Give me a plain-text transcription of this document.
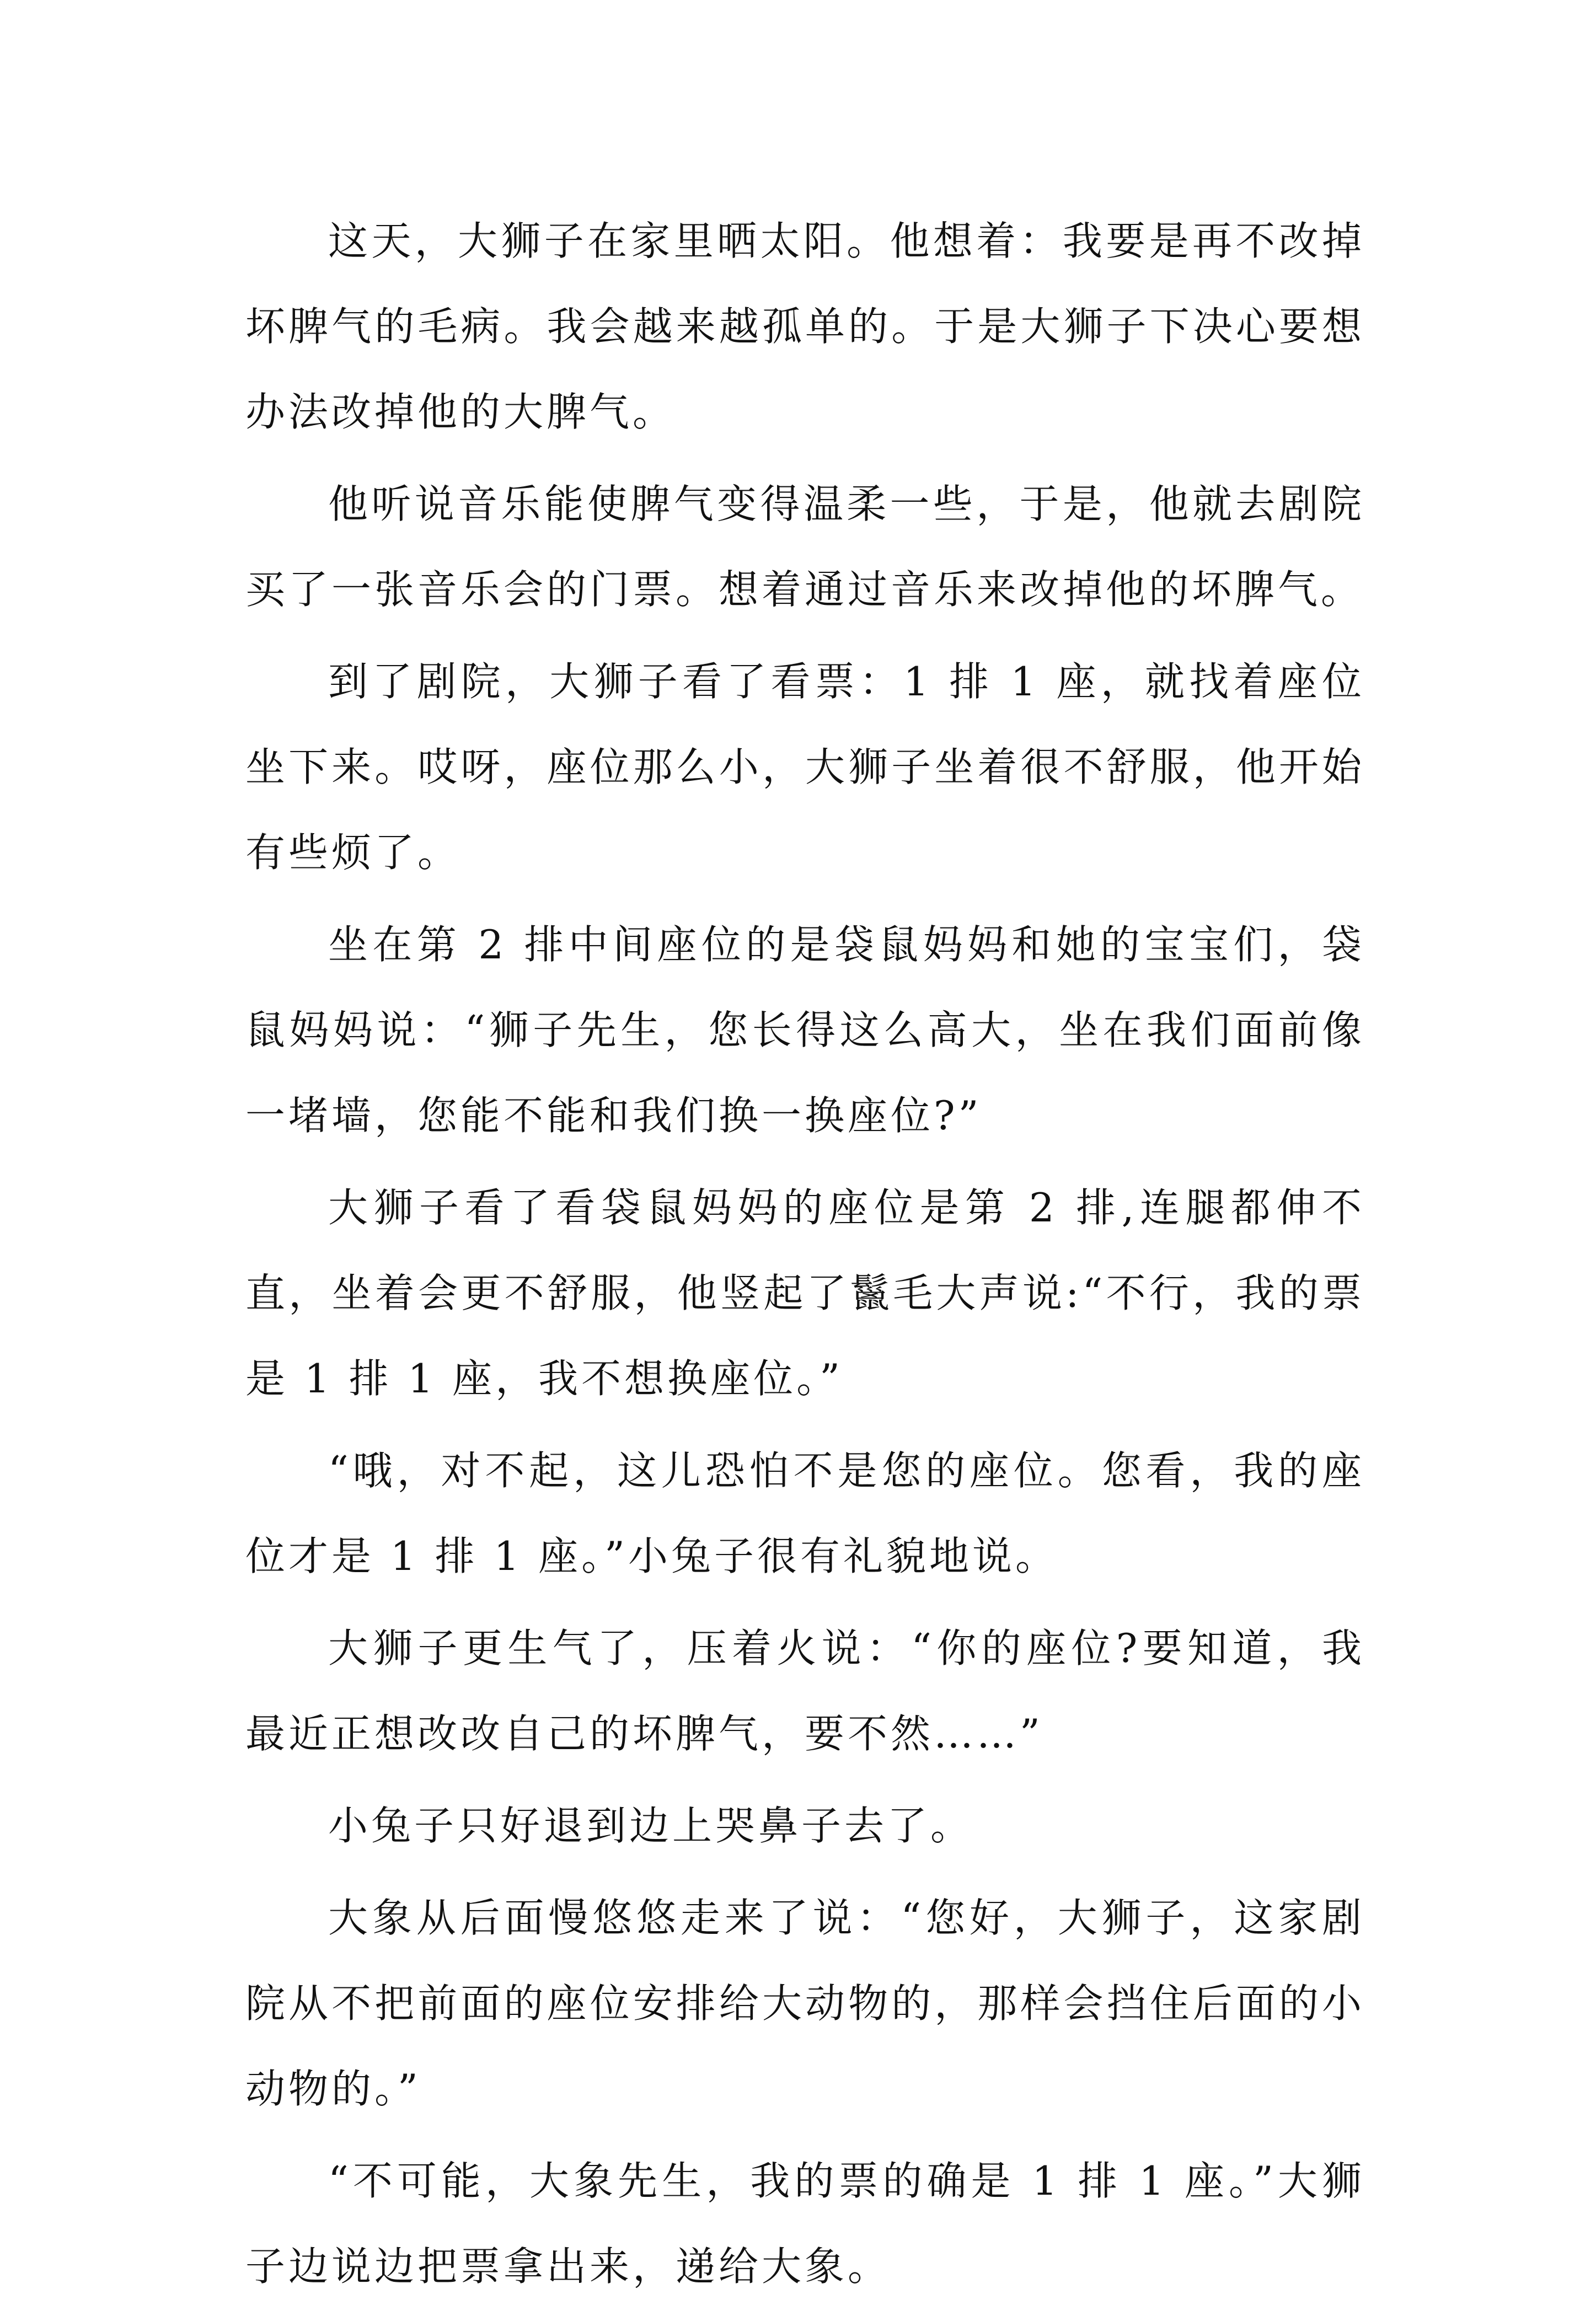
这天，大狮子在家里晒太阳。他想着：我要是再不改掉坏脾气的毛病。我会越来越孤单的。于是大狮子下决心要想办法改掉他的大脾气。

他听说音乐能使脾气变得温柔一些，于是，他就去剧院买了一张音乐会的门票。想着通过音乐来改掉他的坏脾气。

到了剧院，大狮子看了看票：1 排 1 座，就找着座位坐下来。哎呀，座位那么小，大狮子坐着很不舒服，他开始有些烦了。

坐在第 2 排中间座位的是袋鼠妈妈和她的宝宝们，袋鼠妈妈说：“狮子先生，您长得这么高大，坐在我们面前像一堵墙，您能不能和我们换一换座位?”

大狮子看了看袋鼠妈妈的座位是第 2 排,连腿都伸不直，坐着会更不舒服，他竖起了鬣毛大声说:“不行，我的票是 1 排 1 座，我不想换座位。”

“哦，对不起，这儿恐怕不是您的座位。您看，我的座位才是 1 排 1 座。”小兔子很有礼貌地说。

大狮子更生气了，压着火说：“你的座位?要知道，我最近正想改改自己的坏脾气，要不然……”

小兔子只好退到边上哭鼻子去了。

大象从后面慢悠悠走来了说：“您好，大狮子，这家剧院从不把前面的座位安排给大动物的，那样会挡住后面的小动物的。”

“不可能，大象先生，我的票的确是 1 排 1 座。”大狮子边说边把票拿出来，递给大象。
